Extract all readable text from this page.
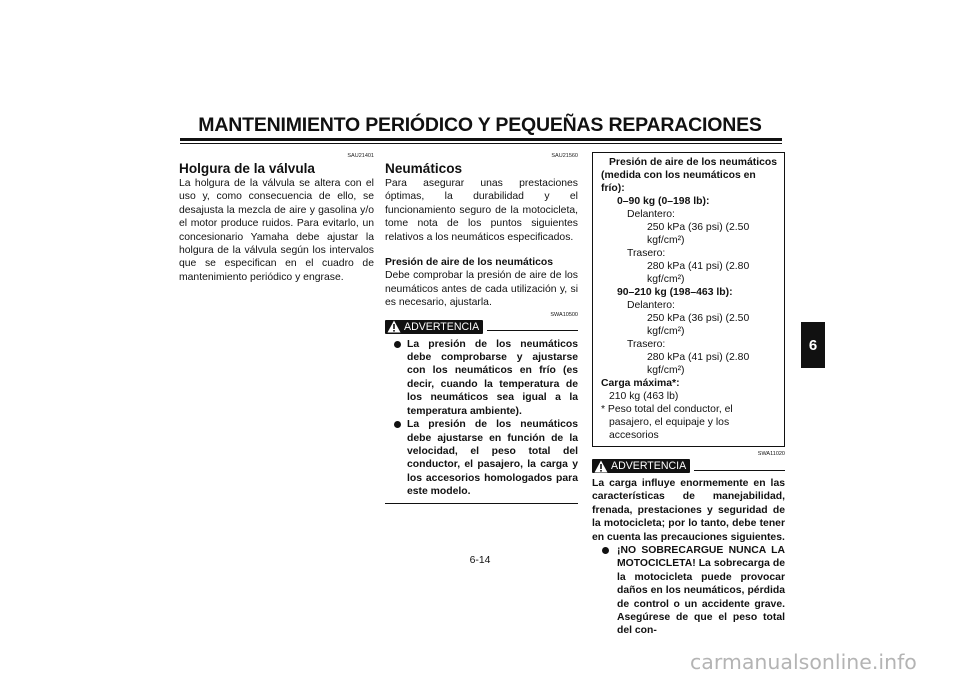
MANTENIMIENTO PERIÓDICO Y PEQUEÑAS REPARACIONES
6
SAU21401
Holgura de la válvula

La holgura de la válvula se altera con el uso y, como consecuencia de ello, se desajusta la mezcla de aire y gasolina y/o el motor produce ruidos. Para evitarlo, un concesionario Yamaha debe ajustar la holgura de la válvula según los intervalos que se especifican en el cuadro de mantenimiento periódico y engrase.

SAU21560
Neumáticos

Para asegurar unas prestaciones óptimas, la durabilidad y el funcionamiento seguro de la motocicleta, tome nota de los puntos siguientes relativos a los neumáticos especificados.

Presión de aire de los neumáticos

Debe comprobar la presión de aire de los neumáticos antes de cada utilización y, si es necesario, ajustarla.

SWA10500
ADVERTENCIA
La presión de los neumáticos debe comprobarse y ajustarse con los neumáticos en frío (es decir, cuando la temperatura de los neumáticos sea igual a la temperatura ambiente).
La presión de los neumáticos debe ajustarse en función de la velocidad, el peso total del conductor, el pasajero, la carga y los accesorios homologados para este modelo.
Presión de aire de los neumáticos
(medida con los neumáticos en frío):
0–90 kg (0–198 lb):
Delantero:
250 kPa (36 psi) (2.50 kgf/cm²)
Trasero:
280 kPa (41 psi) (2.80 kgf/cm²)
90–210 kg (198–463 lb):
Delantero:
250 kPa (36 psi) (2.50 kgf/cm²)
Trasero:
280 kPa (41 psi) (2.80 kgf/cm²)
Carga máxima*:
210 kg (463 lb)
* Peso total del conductor, el pasajero, el equipaje y los accesorios
SWA11020
ADVERTENCIA

La carga influye enormemente en las características de manejabilidad, frenada, prestaciones y seguridad de la motocicleta; por lo tanto, debe tener en cuenta las precauciones siguientes.

¡NO SOBRECARGUE NUNCA LA MOTOCICLETA! La sobrecarga de la motocicleta puede provocar daños en los neumáticos, pérdida de control o un accidente grave. Asegúrese de que el peso total del con-
6-14
carmanualsonline.info
